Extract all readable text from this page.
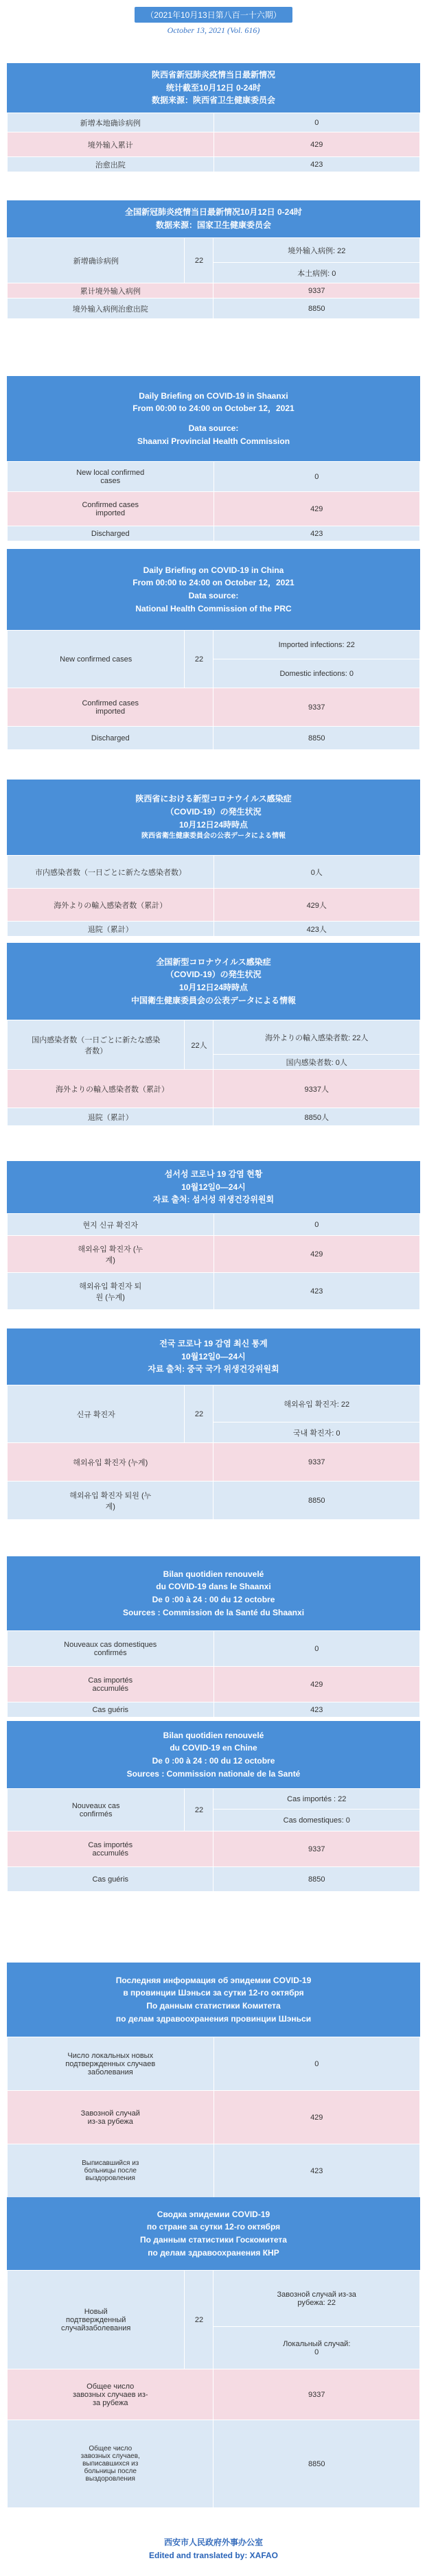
（2021年10月13日第八百一十六期）
October 13, 2021 (Vol. 616)
陕西省新冠肺炎疫情当日最新情况
统计截至10月12日 0-24时
数据来源：陕西省卫生健康委员会
新增本地确诊病例	0
境外输入累计	429
治愈出院	423
全国新冠肺炎疫情当日最新情况10月12日 0-24时
数据来源：国家卫生健康委员会
新增确诊病例	22	境外输入病例: 22
		本土病例: 0
累计境外输入病例		9337
境外输入病例治愈出院		8850
Daily Briefing on COVID-19 in Shaanxi
From 00:00 to 24:00 on October 12，2021
Data source:
Shaanxi Provincial Health Commission
New local confirmed cases	0
Confirmed cases imported	429
Discharged	423
Daily Briefing on COVID-19 in China
From 00:00 to 24:00 on October 12，2021
Data source:
National Health Commission of the PRC
New confirmed cases	22	Imported infections: 22
		Domestic infections: 0
Confirmed cases imported		9337
Discharged		8850
陝西省における新型コロナウイルス感染症
（COVID-19）の発生状況
10月12日24時時点
陝西省衛生健康委員会の公表データによる情報
市内感染者数（一日ごとに新たな感染者数）	0人
海外よりの輸入感染者数（累計）	429人
退院（累計）	423人
全国新型コロナウイルス感染症
（COVID-19）の発生状況
10月12日24時時点
中国衛生健康委員会の公表データによる情報
国内感染者数（一日ごとに新たな感染者数）	22人	海外よりの輸入感染者数: 22人
		国内感染者数: 0人
海外よりの輸入感染者数（累計）		9337人
退院（累計）		8850人
섬서성 코로나 19 감염 현황
10월12일0—24시
자료 출처: 섬서성 위생건강위원회
현지 신규 확진자	0
해외유입 확진자 (누계)	429
해외유입 확진자 퇴원 (누계)	423
전국 코로나 19 감염 최신 통계
10월12일0—24시
자료 출처: 중국 국가 위생건강위원회
신규 확진자	22	해외유입 확진자: 22
		국내 확진자: 0
해외유입 확진자 (누계)		9337
해외유입 확진자 퇴원 (누계)		8850
Bilan quotidien renouvelé
du COVID-19 dans le Shaanxi
De 0 :00 à 24 : 00 du 12 octobre
Sources : Commission de la Santé du Shaanxi
Nouveaux cas domestiques confirmés	0
Cas importés accumulés	429
Cas guéris	423
Bilan quotidien renouvelé
du COVID-19 en Chine
De 0 :00 à 24 : 00 du 12 octobre
Sources : Commission nationale de la Santé
Nouveaux cas confirmés	22	Cas importés : 22
		Cas domestiques: 0
Cas importés accumulés		9337
Cas guéris		8850
Последняя информация об эпидемии COVID-19
в провинции Шэньси за сутки 12-го октября
По данным статистики Комитета
по делам здравоохранения провинции Шэньси
Число локальных новых подтвержденных случаев заболевания	0
Завозной случай из-за рубежа	429
Выписавшийся из больницы после выздоровления	423
Сводка эпидемии COVID-19
по стране за сутки 12-го октября
По данным статистики Госкомитета
по делам здравоохранения КНР
Новый подтвержденный случайзаболевания	22	Завозной случай из-за рубежа: 22
		Локальный случай: 0
Общее число завозных случаев из-за рубежа		9337
Общее число завозных случаев, выписавшихся из больницы после выздоровления		8850
西安市人民政府外事办公室
Edited and translated by: XAFAO
